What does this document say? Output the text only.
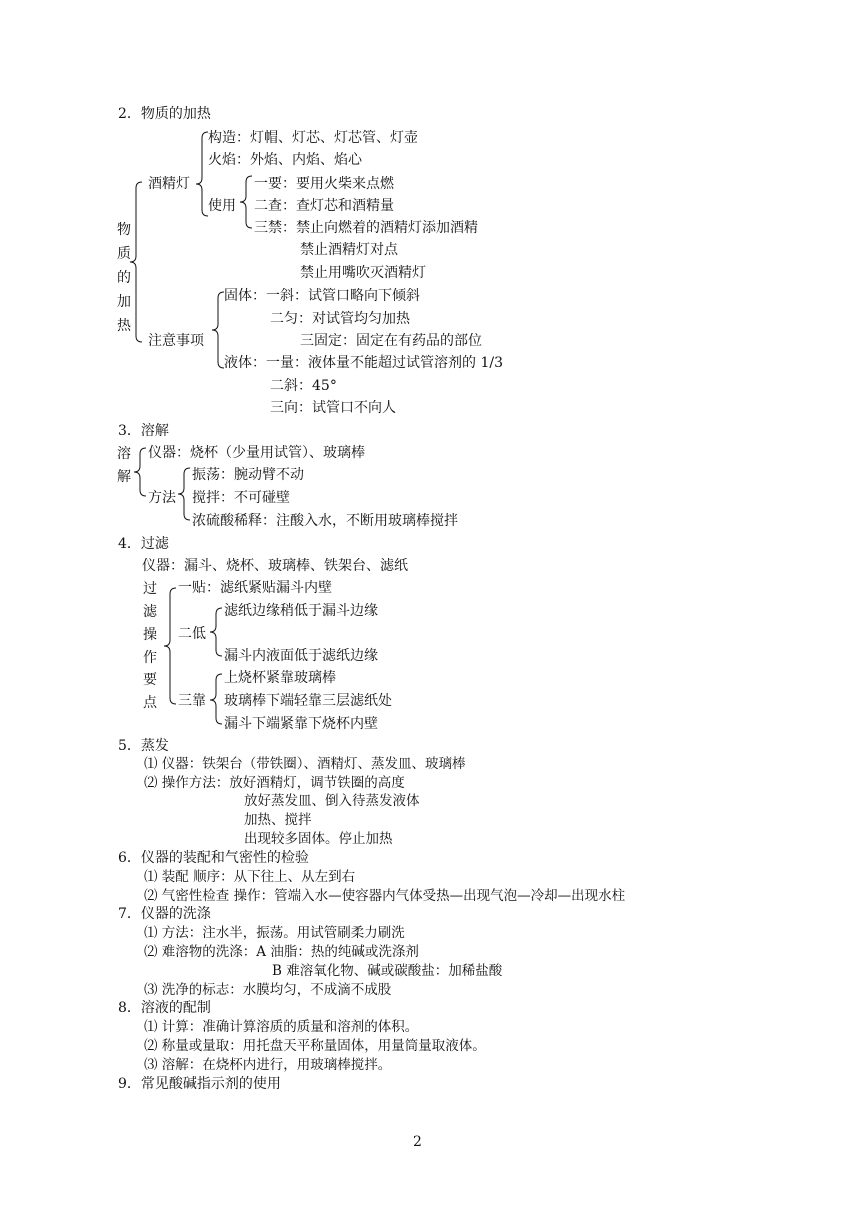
2．物质的加热
物
质
的
加
热
酒精灯
构造：灯帽、灯芯、灯芯管、灯壶
火焰：外焰、内焰、焰心
使用
一要：要用火柴来点燃
二查：查灯芯和酒精量
三禁：禁止向燃着的酒精灯添加酒精
禁止酒精灯对点
禁止用嘴吹灭酒精灯
注意事项
固体：一斜：试管口略向下倾斜
二匀：对试管均匀加热
三固定：固定在有药品的部位
液体：一量：液体量不能超过试管溶剂的 1/3
二斜：45°
三向：试管口不向人
3．溶解
溶
解
仪器：烧杯（少量用试管）、玻璃棒
方法
振荡：腕动臂不动
搅拌：不可碰壁
浓硫酸稀释：注酸入水，不断用玻璃棒搅拌
4．过滤
仪器：漏斗、烧杯、玻璃棒、铁架台、滤纸
过
滤
操
作
要
点
一贴：滤纸紧贴漏斗内壁
二低
滤纸边缘稍低于漏斗边缘
漏斗内液面低于滤纸边缘
三靠
上烧杯紧靠玻璃棒
玻璃棒下端轻靠三层滤纸处
漏斗下端紧靠下烧杯内壁
5．蒸发
⑴ 仪器：铁架台（带铁圈）、酒精灯、蒸发皿、玻璃棒
⑵ 操作方法：放好酒精灯，调节铁圈的高度
放好蒸发皿、倒入待蒸发液体
加热、搅拌
出现较多固体。停止加热
6．仪器的装配和气密性的检验
⑴ 装配 顺序：从下往上、从左到右
⑵ 气密性检查 操作：管端入水—使容器内气体受热—出现气泡—冷却—出现水柱
7．仪器的洗涤
⑴ 方法：注水半，振荡。用试管刷柔力刷洗
⑵ 难溶物的洗涤：A 油脂：热的纯碱或洗涤剂
B 难溶氧化物、碱或碳酸盐：加稀盐酸
⑶ 洗净的标志：水膜均匀，不成滴不成股
8．溶液的配制
⑴ 计算：准确计算溶质的质量和溶剂的体积。
⑵ 称量或量取：用托盘天平称量固体，用量筒量取液体。
⑶ 溶解：在烧杯内进行，用玻璃棒搅拌。
9．常见酸碱指示剂的使用
2
